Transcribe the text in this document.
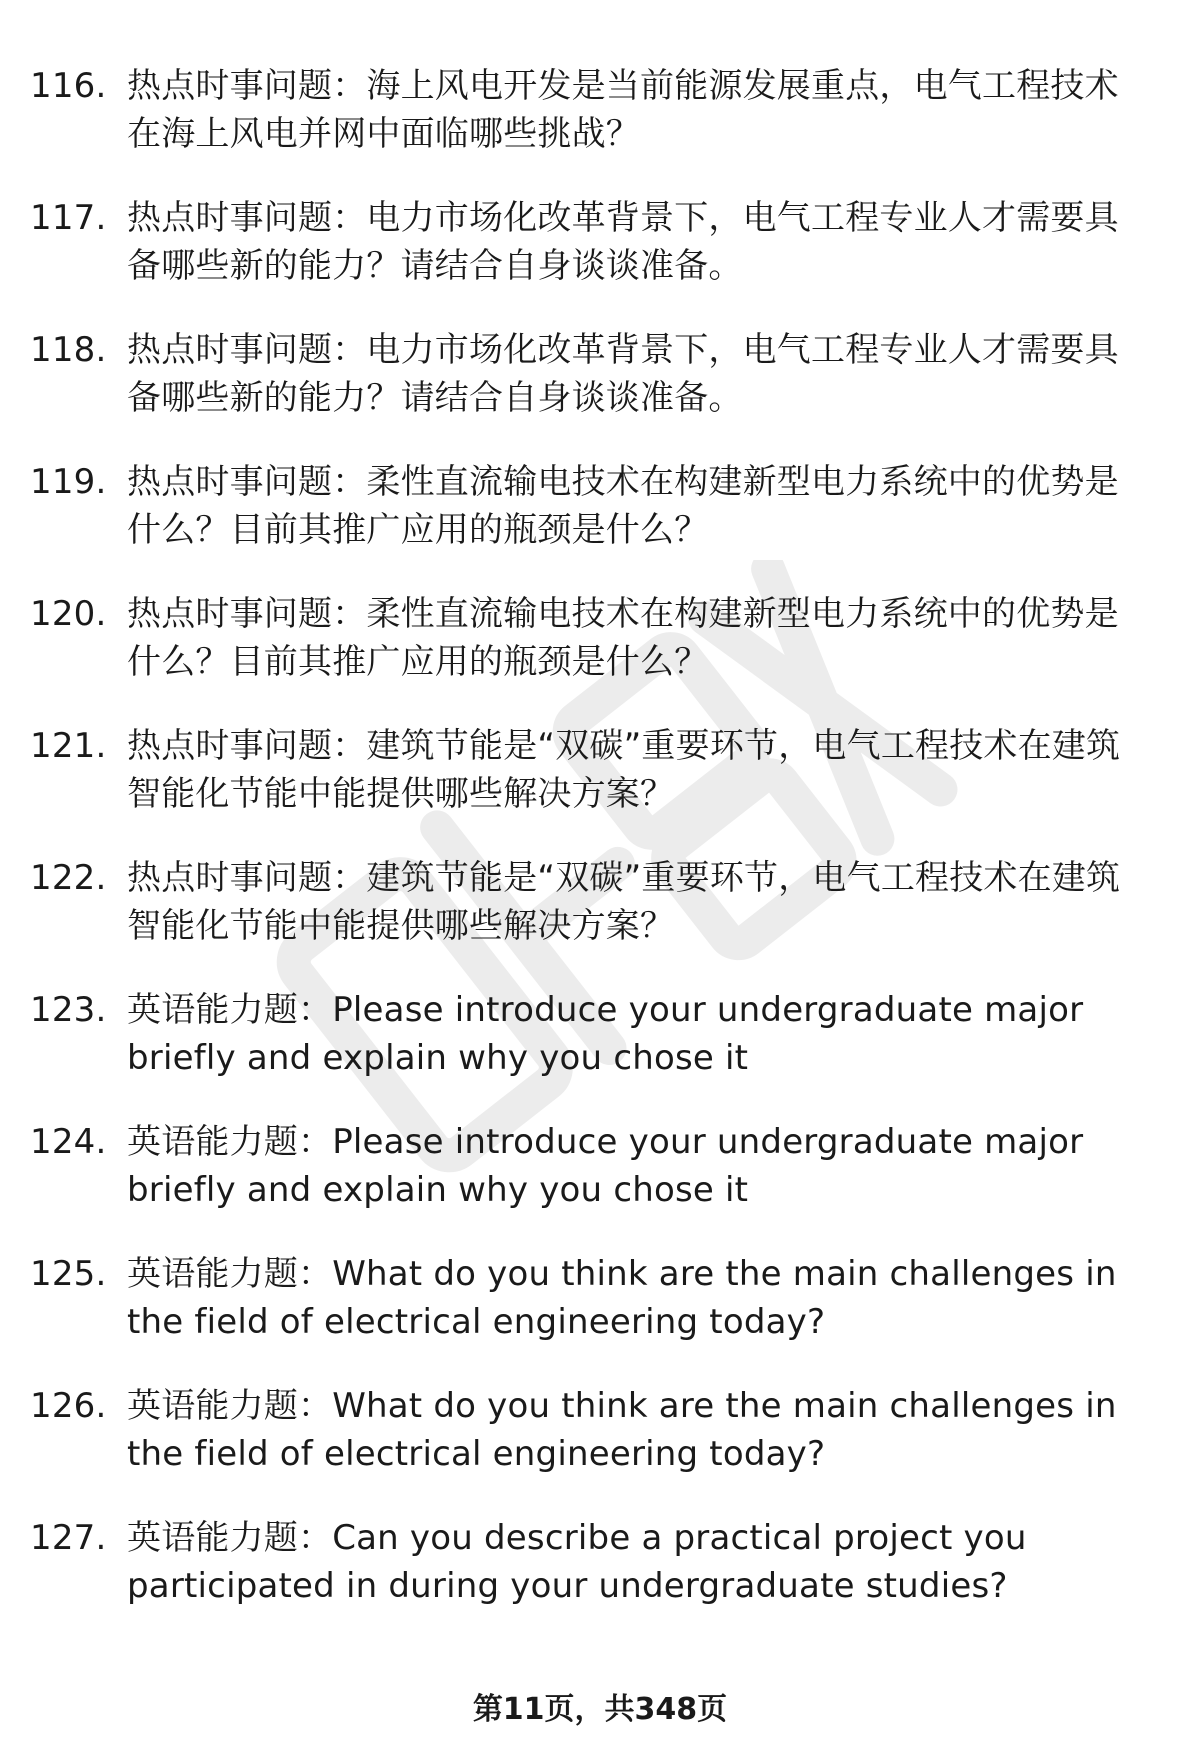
116. 热点时事问题：海上风电开发是当前能源发展重点，电气工程技术在海上风电并网中面临哪些挑战？
117. 热点时事问题：电力市场化改革背景下，电气工程专业人才需要具备哪些新的能力？请结合自身谈谈准备。
118. 热点时事问题：电力市场化改革背景下，电气工程专业人才需要具备哪些新的能力？请结合自身谈谈准备。
119. 热点时事问题：柔性直流输电技术在构建新型电力系统中的优势是什么？目前其推广应用的瓶颈是什么？
120. 热点时事问题：柔性直流输电技术在构建新型电力系统中的优势是什么？目前其推广应用的瓶颈是什么？
121. 热点时事问题：建筑节能是“双碳”重要环节，电气工程技术在建筑智能化节能中能提供哪些解决方案？
122. 热点时事问题：建筑节能是“双碳”重要环节，电气工程技术在建筑智能化节能中能提供哪些解决方案？
123. 英语能力题：Please introduce your undergraduate major briefly and explain why you chose it
124. 英语能力题：Please introduce your undergraduate major briefly and explain why you chose it
125. 英语能力题：What do you think are the main challenges in the field of electrical engineering today?
126. 英语能力题：What do you think are the main challenges in the field of electrical engineering today?
127. 英语能力题：Can you describe a practical project you participated in during your undergraduate studies?
第11页，共348页
